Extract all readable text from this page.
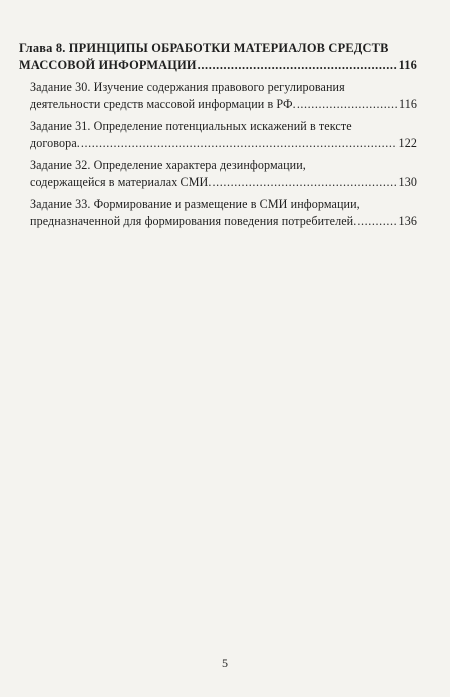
Глава 8. ПРИНЦИПЫ ОБРАБОТКИ МАТЕРИАЛОВ СРЕДСТВ
МАССОВОЙ ИНФОРМАЦИИ .....	116
Задание 30. Изучение содержания правового регулирования
деятельности средств массовой информации в РФ. .....	116
Задание 31. Определение потенциальных искажений в тексте
договора. .....	122
Задание 32. Определение характера дезинформации,
содержащейся в материалах СМИ. .....	130
Задание 33. Формирование и размещение в СМИ информации,
предназначенной для формирования поведения потребителей. .....	136
5
